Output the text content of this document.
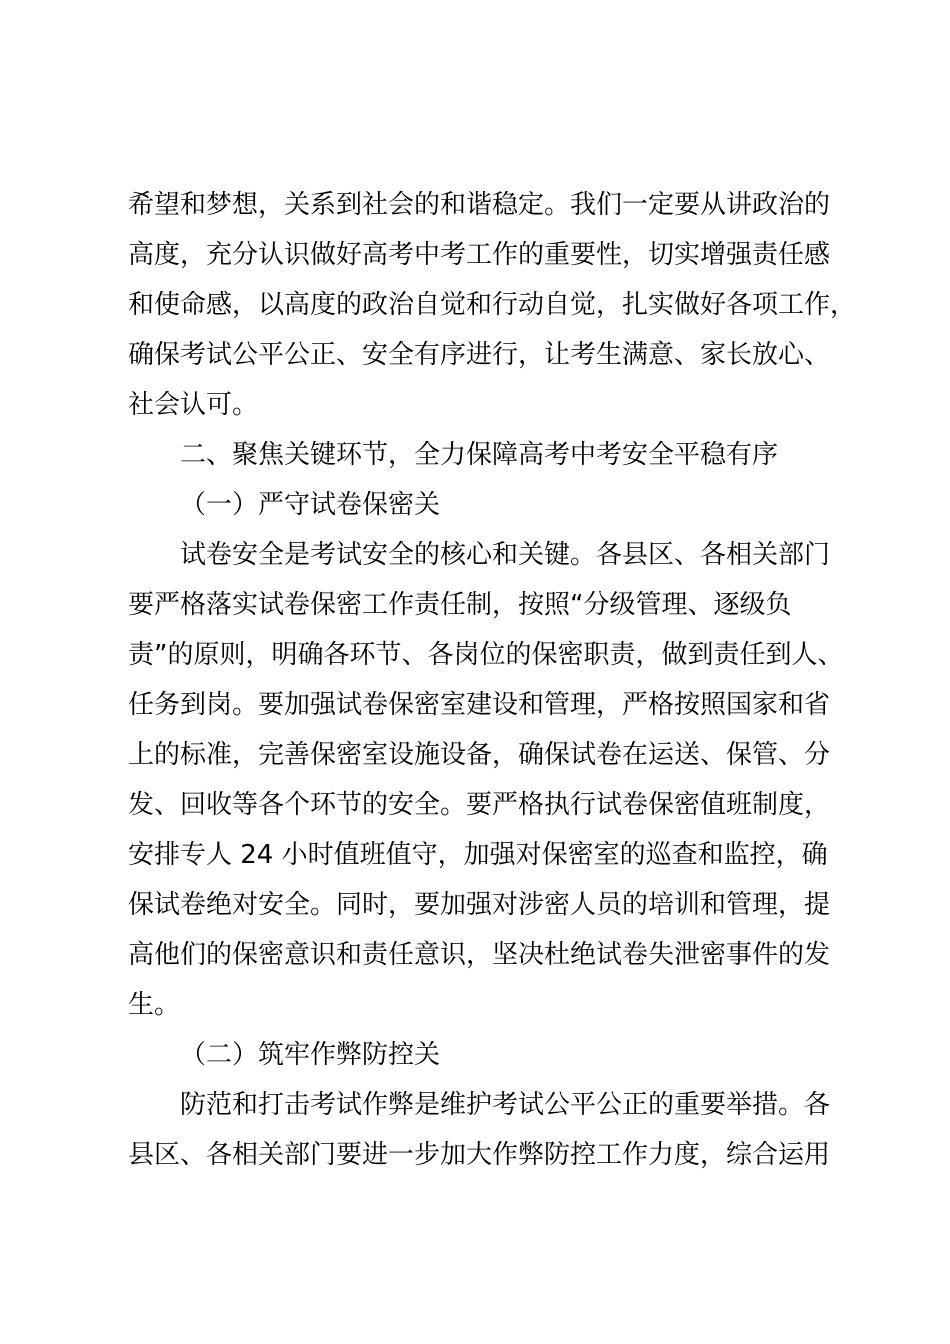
希望和梦想，关系到社会的和谐稳定。我们一定要从讲政治的
高度，充分认识做好高考中考工作的重要性，切实增强责任感
和使命感，以高度的政治自觉和行动自觉，扎实做好各项工作，
确保考试公平公正、安全有序进行，让考生满意、家长放心、
社会认可。
二、聚焦关键环节，全力保障高考中考安全平稳有序
（一）严守试卷保密关
试卷安全是考试安全的核心和关键。各县区、各相关部门
要严格落实试卷保密工作责任制，按照“分级管理、逐级负
责”的原则，明确各环节、各岗位的保密职责，做到责任到人、
任务到岗。要加强试卷保密室建设和管理，严格按照国家和省
上的标准，完善保密室设施设备，确保试卷在运送、保管、分
发、回收等各个环节的安全。要严格执行试卷保密值班制度，
安排专人 24 小时值班值守，加强对保密室的巡查和监控，确
保试卷绝对安全。同时，要加强对涉密人员的培训和管理，提
高他们的保密意识和责任意识，坚决杜绝试卷失泄密事件的发
生。
（二）筑牢作弊防控关
防范和打击考试作弊是维护考试公平公正的重要举措。各
县区、各相关部门要进一步加大作弊防控工作力度，综合运用
